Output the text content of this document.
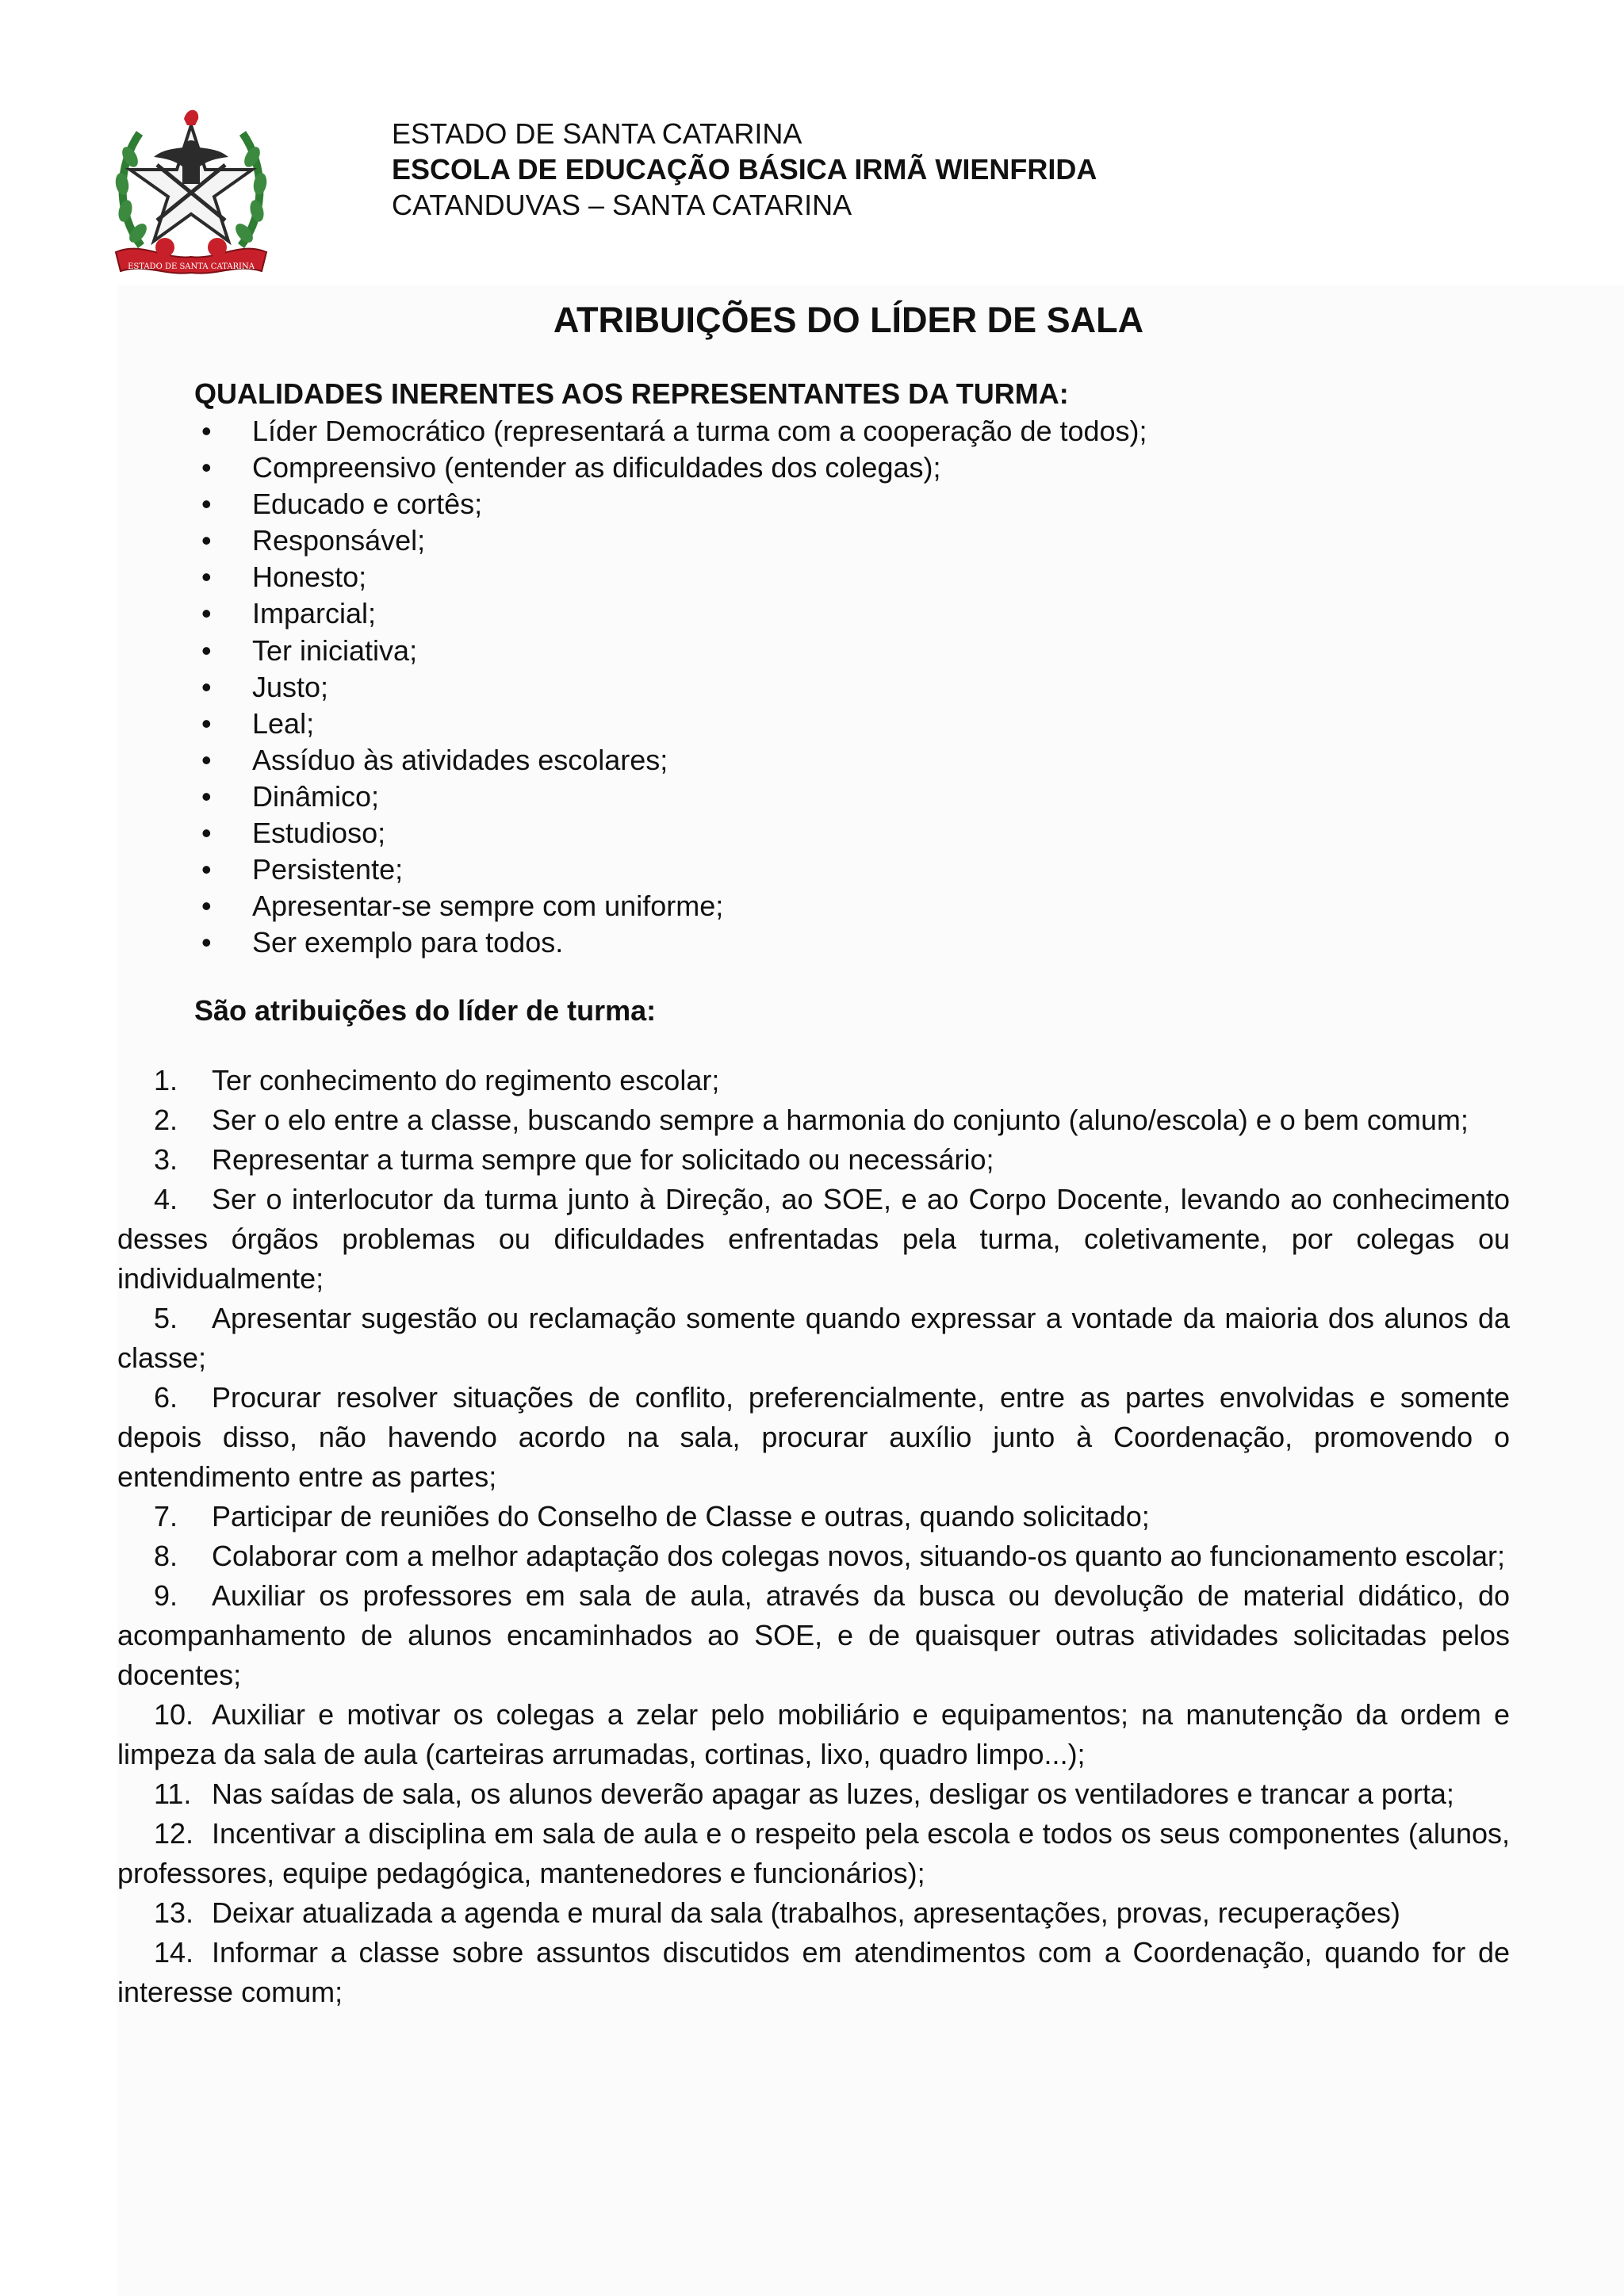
ESTADO DE SANTA CATARINA
ESTADO DE SANTA CATARINA
ESCOLA DE EDUCAÇÃO BÁSICA IRMÃ WIENFRIDA
CATANDUVAS – SANTA CATARINA
ATRIBUIÇÕES DO LÍDER DE SALA
QUALIDADES INERENTES AOS REPRESENTANTES DA TURMA:
• Líder Democrático (representará a turma com a cooperação de todos);
• Compreensivo (entender as dificuldades dos colegas);
• Educado e cortês;
• Responsável;
• Honesto;
• Imparcial;
• Ter iniciativa;
• Justo;
• Leal;
• Assíduo às atividades escolares;
• Dinâmico;
• Estudioso;
• Persistente;
• Apresentar-se sempre com uniforme;
• Ser exemplo para todos.
São atribuições do líder de turma:
1. Ter conhecimento do regimento escolar;
2. Ser o elo entre a classe, buscando sempre a harmonia do conjunto (aluno/escola) e o bem comum;
3. Representar a turma sempre que for solicitado ou necessário;
4. Ser o interlocutor da turma junto à Direção, ao SOE, e ao Corpo Docente, levando ao conhecimento desses órgãos problemas ou dificuldades enfrentadas pela turma, coletivamente, por colegas ou individualmente;
5. Apresentar sugestão ou reclamação somente quando expressar a vontade da maioria dos alunos da classe;
6. Procurar resolver situações de conflito, preferencialmente, entre as partes envolvidas e somente depois disso, não havendo acordo na sala, procurar auxílio junto à Coordenação, promovendo o entendimento entre as partes;
7. Participar de reuniões do Conselho de Classe e outras, quando solicitado;
8. Colaborar com a melhor adaptação dos colegas novos, situando-os quanto ao funcionamento escolar;
9. Auxiliar os professores em sala de aula, através da busca ou devolução de material didático, do acompanhamento de alunos encaminhados ao SOE, e de quaisquer outras atividades solicitadas pelos docentes;
10. Auxiliar e motivar os colegas a zelar pelo mobiliário e equipamentos; na manutenção da ordem e limpeza da sala de aula (carteiras arrumadas, cortinas, lixo, quadro limpo...);
11. Nas saídas de sala, os alunos deverão apagar as luzes, desligar os ventiladores e trancar a porta;
12. Incentivar a disciplina em sala de aula e o respeito pela escola e todos os seus componentes (alunos, professores, equipe pedagógica, mantenedores e funcionários);
13. Deixar atualizada a agenda e mural da sala (trabalhos, apresentações, provas, recuperações)
14. Informar a classe sobre assuntos discutidos em atendimentos com a Coordenação, quando for de interesse comum;
